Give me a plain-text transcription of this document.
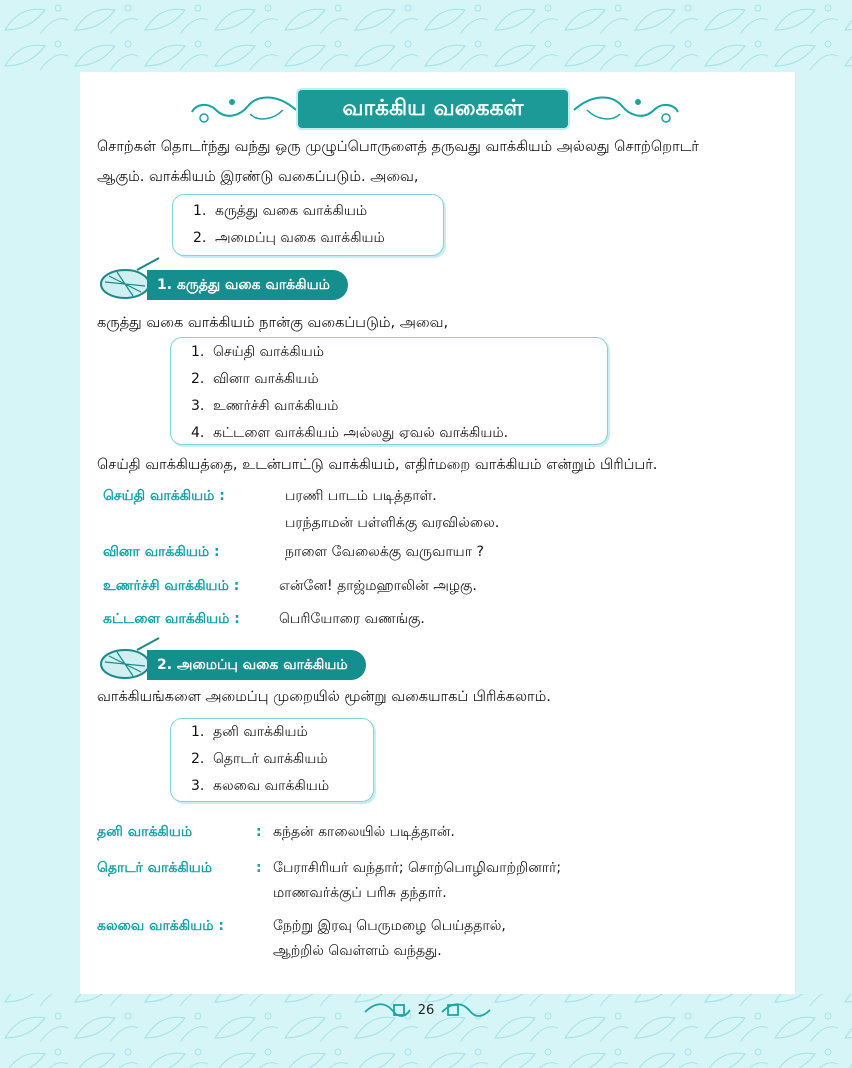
வாக்கிய வகைகள்
சொற்கள் தொடர்ந்து வந்து ஒரு முழுப்பொருளைத் தருவது வாக்கியம் அல்லது சொற்றொடர்
ஆகும். வாக்கியம் இரண்டு வகைப்படும். அவை,
1. கருத்து வகை வாக்கியம்
2. அமைப்பு வகை வாக்கியம்
1. கருத்து வகை வாக்கியம்
கருத்து வகை வாக்கியம் நான்கு வகைப்படும், அவை,
1. செய்தி வாக்கியம்
2. வினா வாக்கியம்
3. உணர்ச்சி வாக்கியம்
4. கட்டளை வாக்கியம் அல்லது ஏவல் வாக்கியம்.
செய்தி வாக்கியத்தை, உடன்பாட்டு வாக்கியம், எதிர்மறை வாக்கியம் என்றும் பிரிப்பர்.
செய்தி வாக்கியம் :	பரணி பாடம் படித்தாள்.
பரந்தாமன் பள்ளிக்கு வரவில்லை.
வினா வாக்கியம் :	நாளை வேலைக்கு வருவாயா ?
உணர்ச்சி வாக்கியம் :	என்னே! தாஜ்மஹாலின் அழகு.
கட்டளை வாக்கியம் :	பெரியோரை வணங்கு.
2. அமைப்பு வகை வாக்கியம்
வாக்கியங்களை அமைப்பு முறையில் மூன்று வகையாகப் பிரிக்கலாம்.
1. தனி வாக்கியம்
2. தொடர் வாக்கியம்
3. கலவை வாக்கியம்
தனி வாக்கியம்	: கந்தன் காலையில் படித்தான்.
தொடர் வாக்கியம்	: பேராசிரியர் வந்தார்; சொற்பொழிவாற்றினார்;
மாணவர்க்குப் பரிசு தந்தார்.
கலவை வாக்கியம் :	நேற்று இரவு பெருமழை பெய்ததால்,
ஆற்றில் வெள்ளம் வந்தது.
26
